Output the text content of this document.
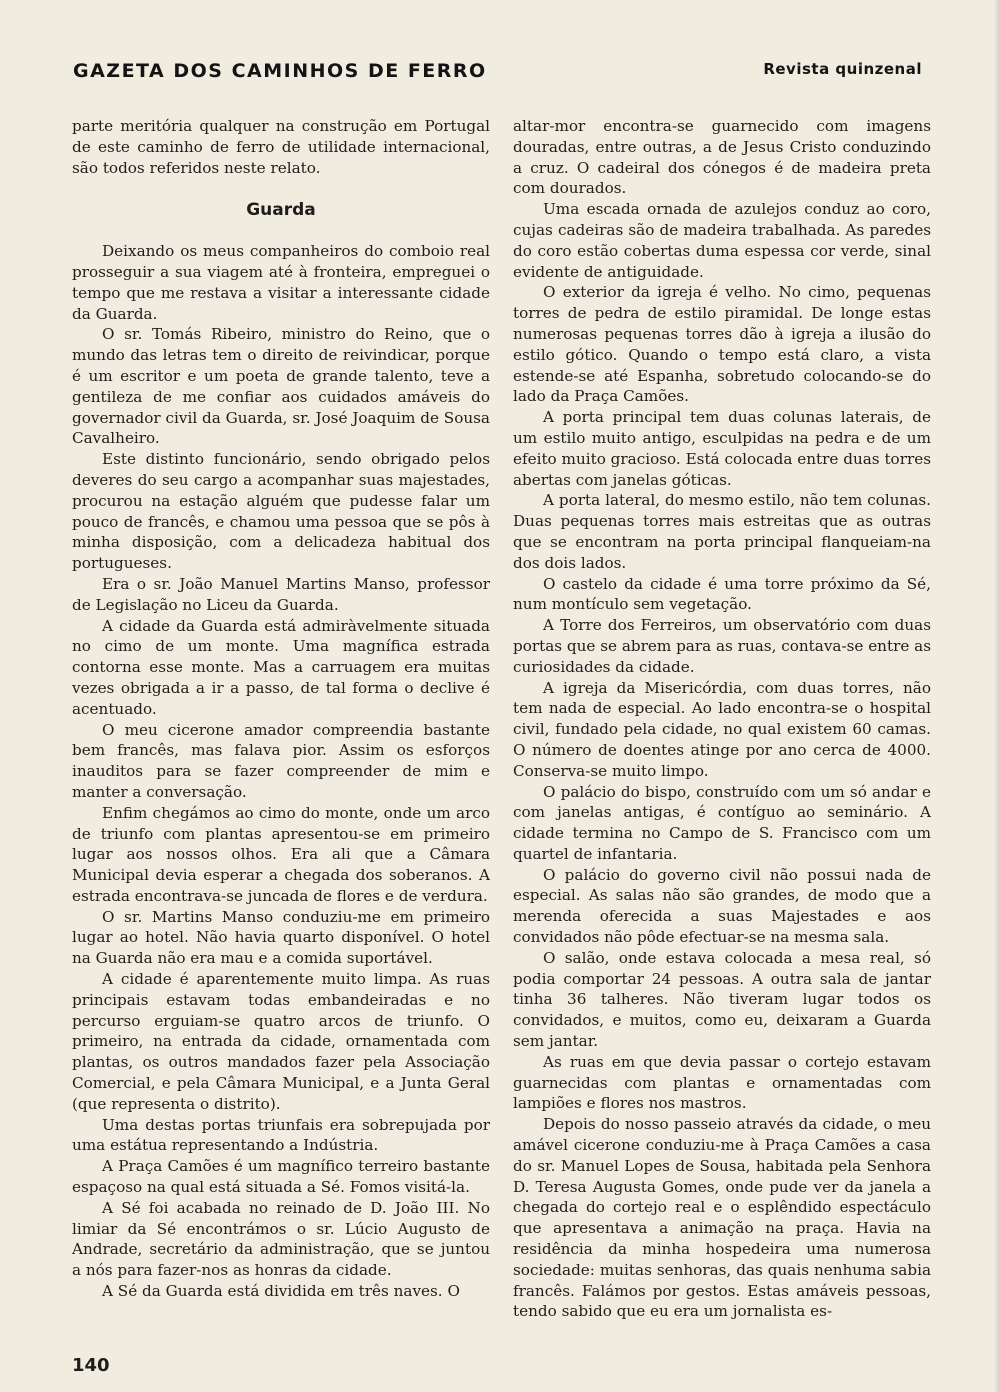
GAZETA DOS CAMINHOS DE FERRO	Revista quinzenal

parte meritória qualquer na construção em Portugal de este caminho de ferro de utilidade internacional, são todos referidos neste relato.

Guarda

Deixando os meus companheiros do comboio real prosseguir a sua viagem até à fronteira, empreguei o tempo que me restava a visitar a interessante cidade da Guarda.

O sr. Tomás Ribeiro, ministro do Reino, que o mundo das letras tem o direito de reivindicar, porque é um escritor e um poeta de grande talento, teve a gentileza de me confiar aos cuidados amáveis do governador civil da Guarda, sr. José Joaquim de Sousa Cavalheiro.

Este distinto funcionário, sendo obrigado pelos deveres do seu cargo a acompanhar suas majestades, procurou na estação alguém que pudesse falar um pouco de francês, e chamou uma pessoa que se pôs à minha disposição, com a delicadeza habitual dos portugueses.

Era o sr. João Manuel Martins Manso, professor de Legislação no Liceu da Guarda.

A cidade da Guarda está admiràvelmente situada no cimo de um monte. Uma magnífica estrada contorna esse monte. Mas a carruagem era muitas vezes obrigada a ir a passo, de tal forma o declive é acentuado.

O meu cicerone amador compreendia bastante bem francês, mas falava pior. Assim os esforços inauditos para se fazer compreender de mim e manter a conversação.

Enfim chegámos ao cimo do monte, onde um arco de triunfo com plantas apresentou-se em primeiro lugar aos nossos olhos. Era ali que a Câmara Municipal devia esperar a chegada dos soberanos. A estrada encontrava-se juncada de flores e de verdura.

O sr. Martins Manso conduziu-me em primeiro lugar ao hotel. Não havia quarto disponível. O hotel na Guarda não era mau e a comida suportável.

A cidade é aparentemente muito limpa. As ruas principais estavam todas embandeiradas e no percurso erguiam-se quatro arcos de triunfo. O primeiro, na entrada da cidade, ornamentada com plantas, os outros mandados fazer pela Associação Comercial, e pela Câmara Municipal, e a Junta Geral (que representa o distrito).

Uma destas portas triunfais era sobrepujada por uma estátua representando a Indústria.

A Praça Camões é um magnífico terreiro bastante espaçoso na qual está situada a Sé. Fomos visitá-la.

A Sé foi acabada no reinado de D. João III. No limiar da Sé encontrámos o sr. Lúcio Augusto de Andrade, secretário da administração, que se juntou a nós para fazer-nos as honras da cidade.

A Sé da Guarda está dividida em três naves. O

altar-mor encontra-se guarnecido com imagens douradas, entre outras, a de Jesus Cristo conduzindo a cruz. O cadeiral dos cónegos é de madeira preta com dourados.

Uma escada ornada de azulejos conduz ao coro, cujas cadeiras são de madeira trabalhada. As paredes do coro estão cobertas duma espessa cor verde, sinal evidente de antiguidade.

O exterior da igreja é velho. No cimo, pequenas torres de pedra de estilo piramidal. De longe estas numerosas pequenas torres dão à igreja a ilusão do estilo gótico. Quando o tempo está claro, a vista estende-se até Espanha, sobretudo colocando-se do lado da Praça Camões.

A porta principal tem duas colunas laterais, de um estilo muito antigo, esculpidas na pedra e de um efeito muito gracioso. Está colocada entre duas torres abertas com janelas góticas.

A porta lateral, do mesmo estilo, não tem colunas. Duas pequenas torres mais estreitas que as outras que se encontram na porta principal flanqueiam-na dos dois lados.

O castelo da cidade é uma torre próximo da Sé, num montículo sem vegetação.

A Torre dos Ferreiros, um observatório com duas portas que se abrem para as ruas, contava-se entre as curiosidades da cidade.

A igreja da Misericórdia, com duas torres, não tem nada de especial. Ao lado encontra-se o hospital civil, fundado pela cidade, no qual existem 60 camas. O número de doentes atinge por ano cerca de 4000. Conserva-se muito limpo.

O palácio do bispo, construído com um só andar e com janelas antigas, é contíguo ao seminário. A cidade termina no Campo de S. Francisco com um quartel de infantaria.

O palácio do governo civil não possui nada de especial. As salas não são grandes, de modo que a merenda oferecida a suas Majestades e aos convidados não pôde efectuar-se na mesma sala.

O salão, onde estava colocada a mesa real, só podia comportar 24 pessoas. A outra sala de jantar tinha 36 talheres. Não tiveram lugar todos os convidados, e muitos, como eu, deixaram a Guarda sem jantar.

As ruas em que devia passar o cortejo estavam guarnecidas com plantas e ornamentadas com lampiões e flores nos mastros.

Depois do nosso passeio através da cidade, o meu amável cicerone conduziu-me à Praça Camões a casa do sr. Manuel Lopes de Sousa, habitada pela Senhora D. Teresa Augusta Gomes, onde pude ver da janela a chegada do cortejo real e o esplêndido espectáculo que apresentava a animação na praça. Havia na residência da minha hospedeira uma numerosa sociedade: muitas senhoras, das quais nenhuma sabia francês. Falámos por gestos. Estas amáveis pessoas, tendo sabido que eu era um jornalista es-

140
